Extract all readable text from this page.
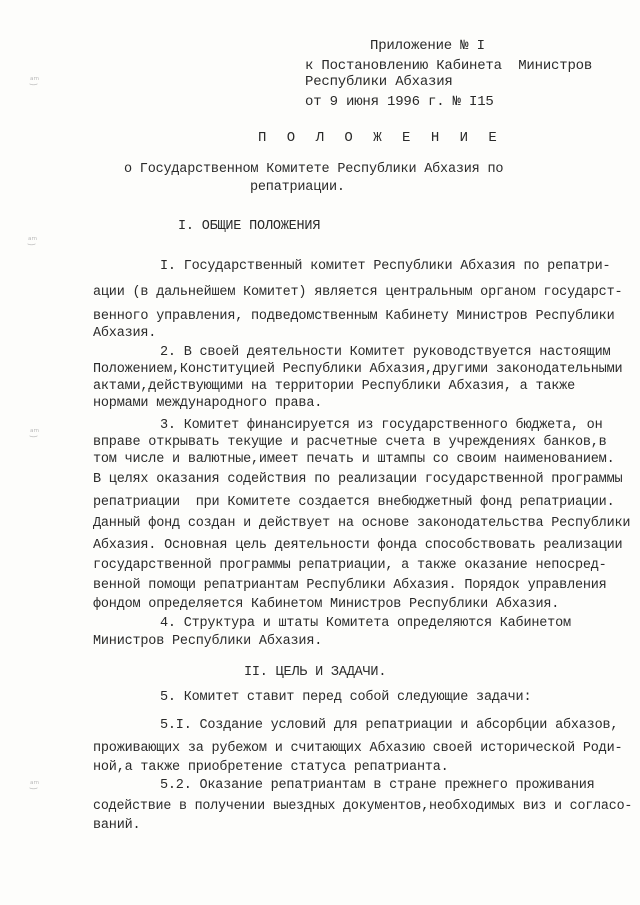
ᵃ͜ᵐ
ᵃ͜ᵐ
ᵃ͜ᵐ
ᵃ͜ᵐ
Приложение № I
к Постановлению Кабинета  Министров
Республики Абхазия
от 9 июня 1996 г. № I15
П О Л О Ж Е Н И Е
о Государственном Комитете Республики Абхазия по
репатриации.
I. ОБЩИЕ ПОЛОЖЕНИЯ
I. Государственный комитет Республики Абхазия по репатри-
ации (в дальнейшем Комитет) является центральным органом государст-
венного управления, подведомственным Кабинету Министров Республики
Абхазия.
2. В своей деятельности Комитет руководствуется настоящим
Положением,Конституцией Республики Абхазия,другими законодательными
актами,действующими на территории Республики Абхазия, а также
нормами международного права.
3. Комитет финансируется из государственного бюджета, он
вправе открывать текущие и расчетные счета в учреждениях банков,в
том числе и валютные,имеет печать и штампы со своим наименованием.
В целях оказания содействия по реализации государственной программы
репатриации  при Комитете создается внебюджетный фонд репатриации.
Данный фонд создан и действует на основе законодательства Республики
Абхазия. Основная цель деятельности фонда способствовать реализации
государственной программы репатриации, а также оказание непосред-
венной помощи репатриантам Республики Абхазия. Порядок управления
фондом определяется Кабинетом Министров Республики Абхазия.
4. Структура и штаты Комитета определяются Кабинетом
Министров Республики Абхазия.
II. ЦЕЛЬ И ЗАДАЧИ.
5. Комитет ставит перед собой следующие задачи:
5.I. Создание условий для репатриации и абсорбции абхазов,
проживающих за рубежом и считающих Абхазию своей исторической Роди-
ной,а также приобретение статуса репатрианта.
5.2. Оказание репатриантам в стране прежнего проживания
содействие в получении выездных документов,необходимых виз и согласо-
ваний.
